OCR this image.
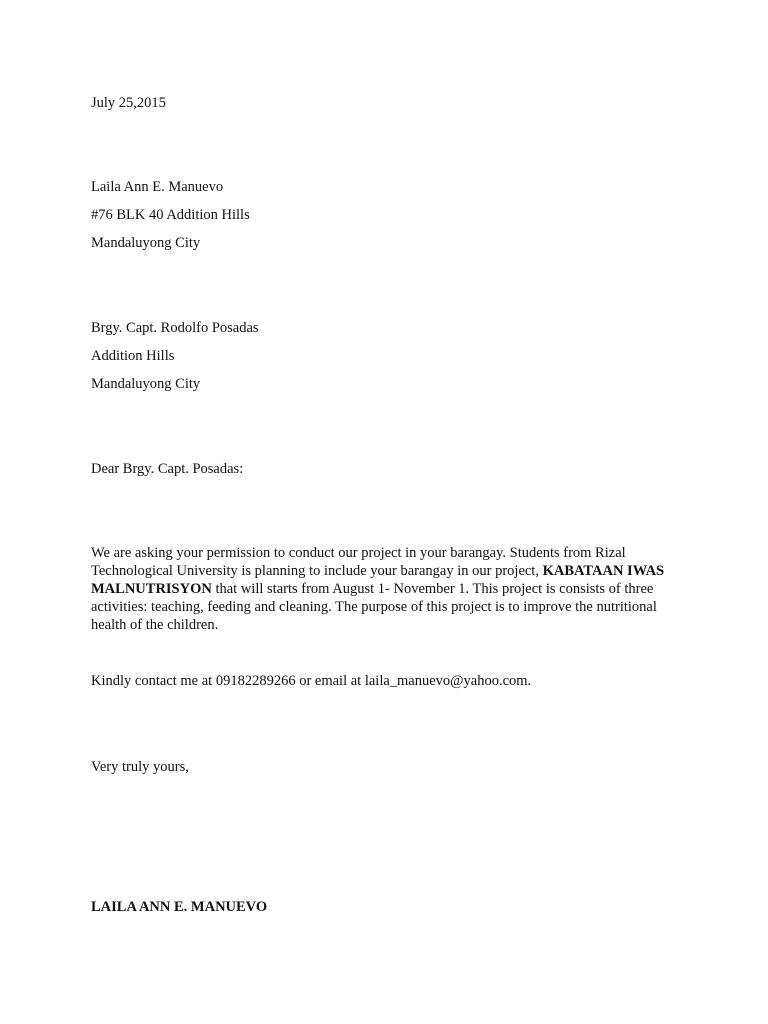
July 25,2015
Laila Ann E. Manuevo
#76 BLK 40 Addition Hills
Mandaluyong City
Brgy. Capt. Rodolfo Posadas
Addition Hills
Mandaluyong City
Dear Brgy. Capt. Posadas:
We are asking your permission to conduct our project in your barangay. Students from Rizal Technological University is planning to include your barangay in our project, KABATAAN IWAS MALNUTRISYON that will starts from August 1- November 1. This project is consists of three activities: teaching, feeding and cleaning. The purpose of this project is to improve the nutritional health of the children.
Kindly contact me at 09182289266 or email at laila_manuevo@yahoo.com.
Very truly yours,
LAILA ANN E. MANUEVO
